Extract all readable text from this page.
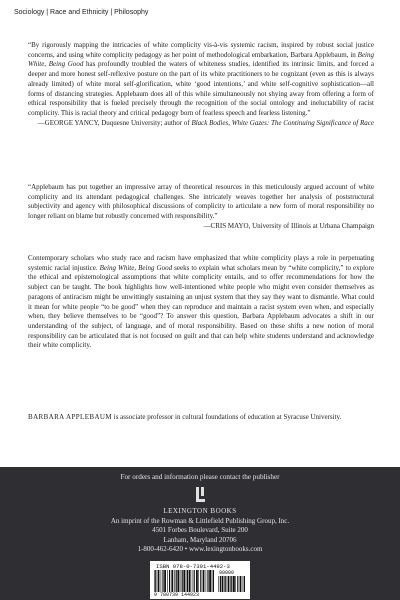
Sociology | Race and Ethnicity | Philosophy
“By rigorously mapping the intricacies of white complicity vis-à-vis systemic racism, inspired by robust social justice concerns, and using white complicity pedagogy as her point of methodological embarkation, Barbara Applebaum, in Being White, Being Good has profoundly troubled the waters of whiteness studies, identified its intrinsic limits, and forced a deeper and more honest self-reflexive posture on the part of its white practitioners to be cognizant (even as this is always already limited) of white moral self-glorification, white ‘good intentions,’ and white self-cognitive sophistication—all forms of distancing strategies. Applebaum does all of this while simultaneously not shying away from offering a form of ethical responsibility that is fueled precisely through the recognition of the social ontology and ineluctability of racist complicity. This is racial theory and critical pedagogy born of fearless speech and fearless listening.”
—GEORGE YANCY, Duquesne University; author of Black Bodies, White Gazes: The Continuing Significance of Race
“Applebaum has put together an impressive array of theoretical resources in this meticulously argued account of white complicity and its attendant pedagogical challenges. She intricately weaves together her analysis of poststructural subjectivity and agency with philosophical discussions of complicity to articulate a new form of moral responsibility no longer reliant on blame but robustly concerned with responsibility.”
—CRIS MAYO, University of Illinois at Urbana Champaign
Contemporary scholars who study race and racism have emphasized that white complicity plays a role in perpetuating systemic racial injustice. Being White, Being Good seeks to explain what scholars mean by “white complicity,” to explore the ethical and epistemological assumptions that white complicity entails, and to offer recommendations for how the subject can be taught. The book highlights how well-intentioned white people who might even consider themselves as paragons of antiracism might be unwittingly sustaining an unjust system that they say they want to dismantle. What could it mean for white people “to be good” when they can reproduce and maintain a racist system even when, and especially when, they believe themselves to be “good”? To answer this question, Barbara Applebaum advocates a shift in our understanding of the subject, of language, and of moral responsibility. Based on these shifts a new notion of moral responsibility can be articulated that is not focused on guilt and that can help white students understand and acknowledge their white complicity.
BARBARA APPLEBAUM is associate professor in cultural foundations of education at Syracuse University.
For orders and information please contact the publisher
LEXINGTON BOOKS
An imprint of the Rowman & Littlefield Publishing Group, Inc.
4501 Forbes Boulevard, Suite 200
Lanham, Maryland 20706
1-800-462-6420 • www.lexingtonbooks.com
ISBN 978-0-7391-4492-3
90000
9 780739 144923
